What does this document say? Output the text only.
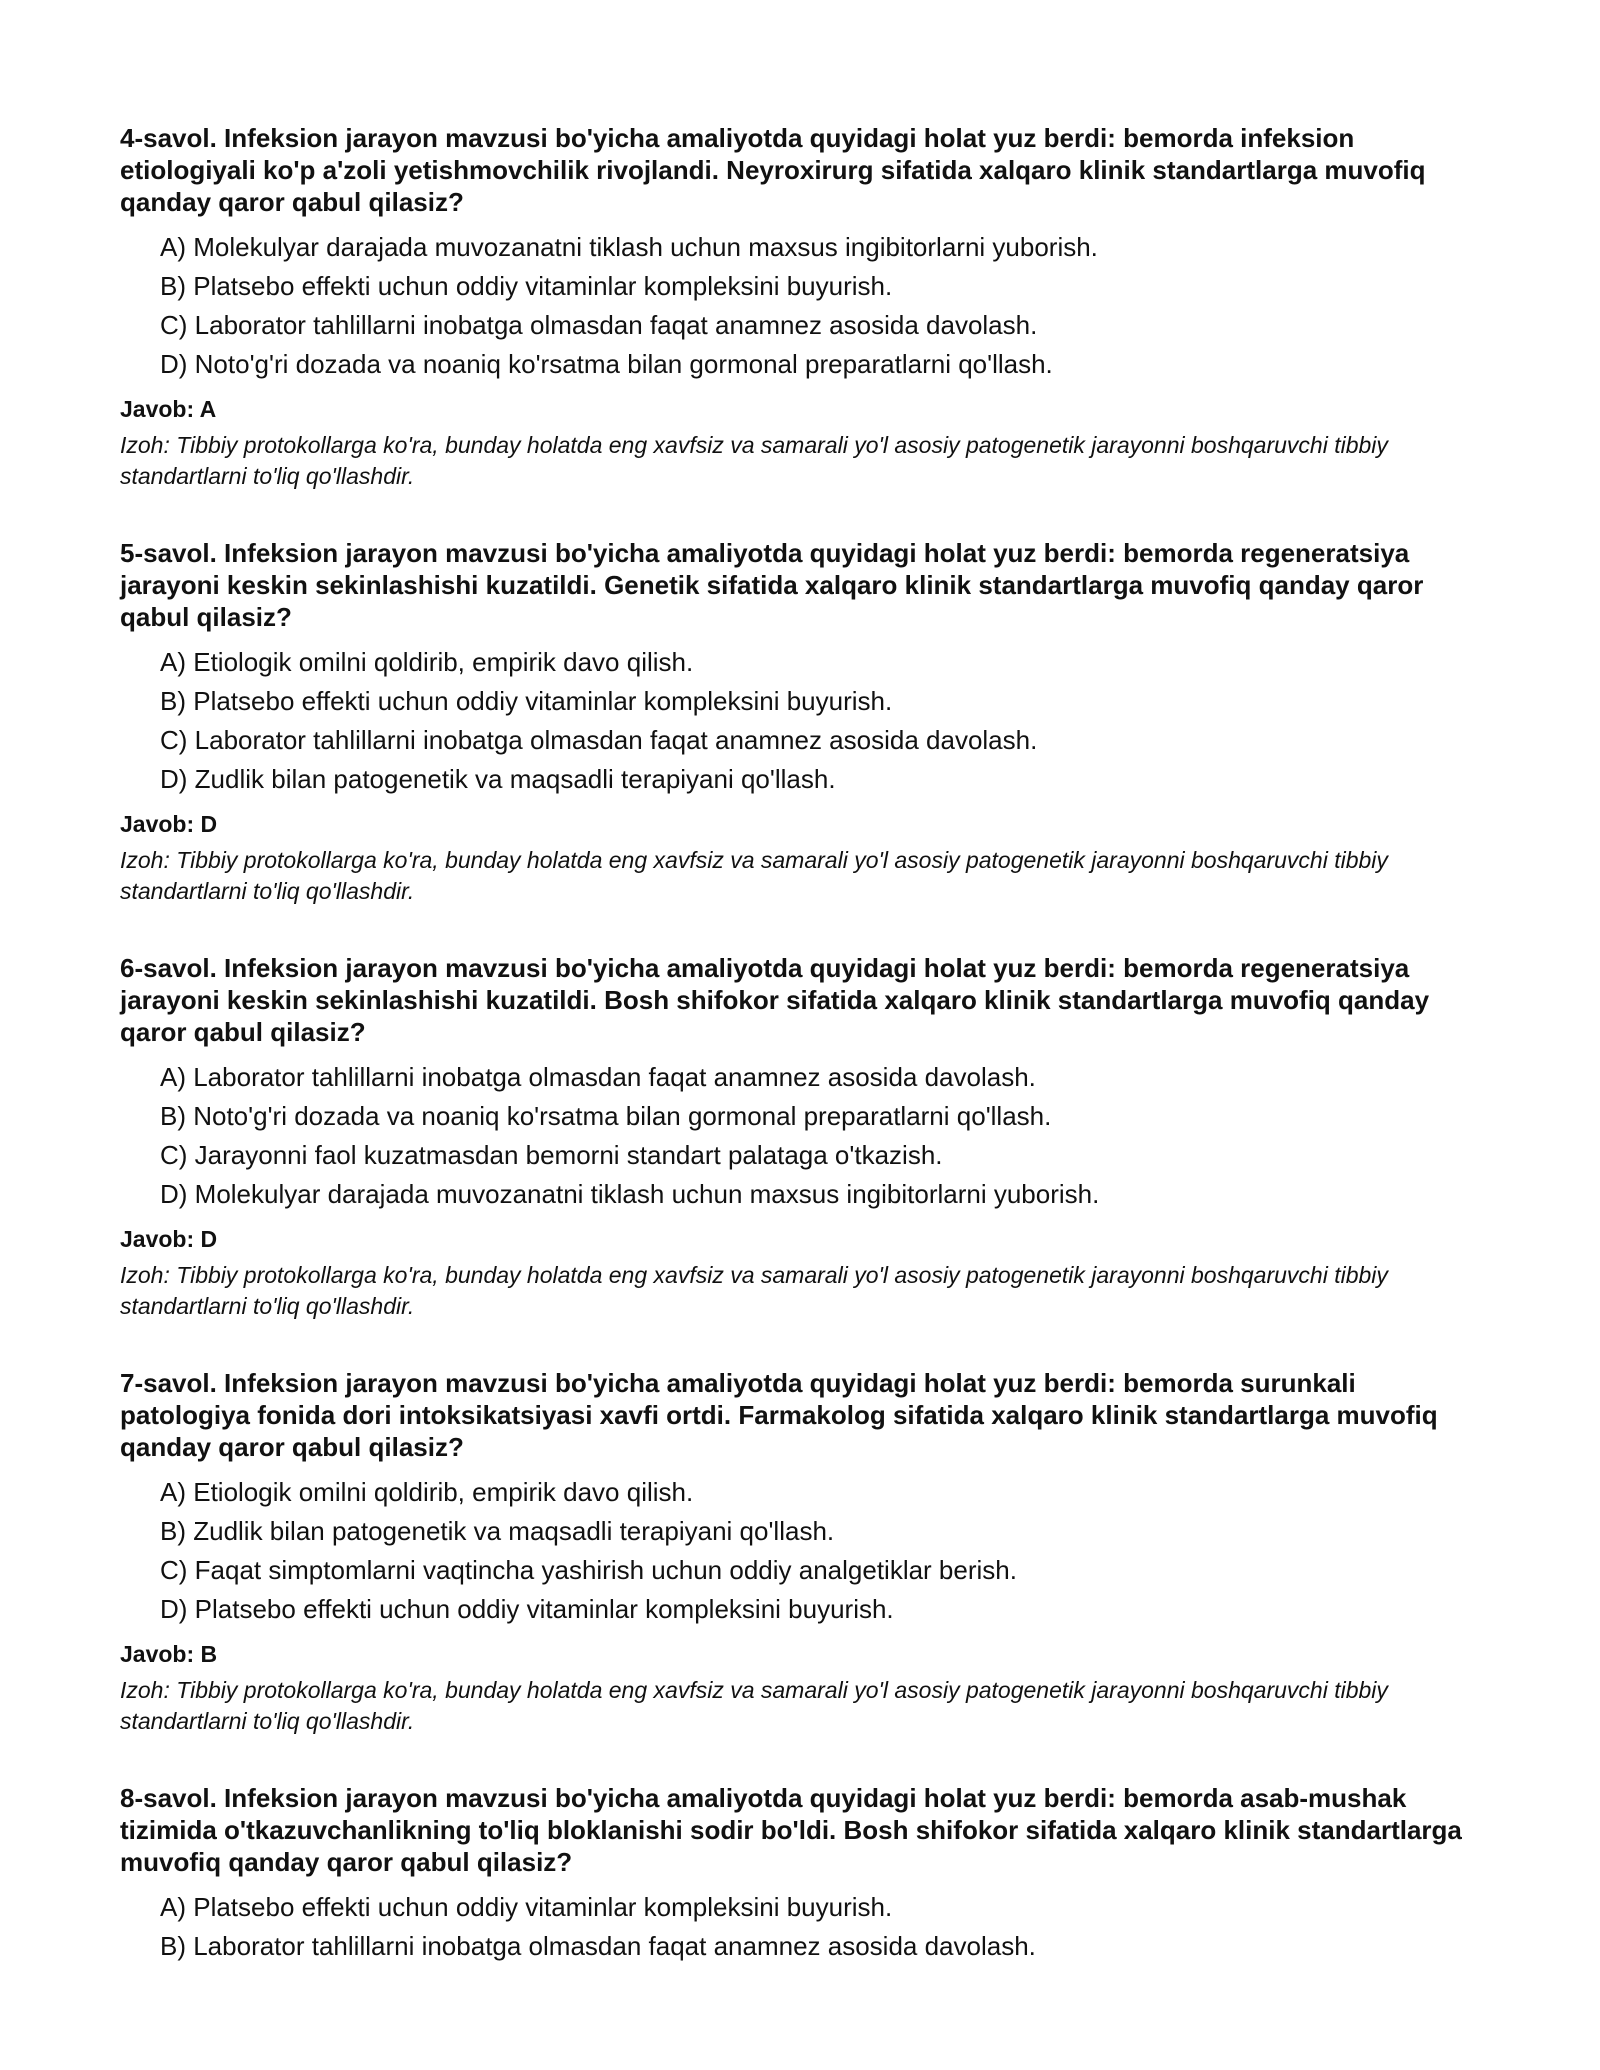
4-savol. Infeksion jarayon mavzusi bo'yicha amaliyotda quyidagi holat yuz berdi: bemorda infeksion etiologiyali ko'p a'zoli yetishmovchilik rivojlandi. Neyroxirurg sifatida xalqaro klinik standartlarga muvofiq qanday qaror qabul qilasiz?
A) Molekulyar darajada muvozanatni tiklash uchun maxsus ingibitorlarni yuborish.
B) Platsebo effekti uchun oddiy vitaminlar kompleksini buyurish.
C) Laborator tahlillarni inobatga olmasdan faqat anamnez asosida davolash.
D) Noto'g'ri dozada va noaniq ko'rsatma bilan gormonal preparatlarni qo'llash.
Javob: A
Izoh: Tibbiy protokollarga ko'ra, bunday holatda eng xavfsiz va samarali yo'l asosiy patogenetik jarayonni boshqaruvchi tibbiy standartlarni to'liq qo'llashdir.
5-savol. Infeksion jarayon mavzusi bo'yicha amaliyotda quyidagi holat yuz berdi: bemorda regeneratsiya jarayoni keskin sekinlashishi kuzatildi. Genetik sifatida xalqaro klinik standartlarga muvofiq qanday qaror qabul qilasiz?
A) Etiologik omilni qoldirib, empirik davo qilish.
B) Platsebo effekti uchun oddiy vitaminlar kompleksini buyurish.
C) Laborator tahlillarni inobatga olmasdan faqat anamnez asosida davolash.
D) Zudlik bilan patogenetik va maqsadli terapiyani qo'llash.
Javob: D
Izoh: Tibbiy protokollarga ko'ra, bunday holatda eng xavfsiz va samarali yo'l asosiy patogenetik jarayonni boshqaruvchi tibbiy standartlarni to'liq qo'llashdir.
6-savol. Infeksion jarayon mavzusi bo'yicha amaliyotda quyidagi holat yuz berdi: bemorda regeneratsiya jarayoni keskin sekinlashishi kuzatildi. Bosh shifokor sifatida xalqaro klinik standartlarga muvofiq qanday qaror qabul qilasiz?
A) Laborator tahlillarni inobatga olmasdan faqat anamnez asosida davolash.
B) Noto'g'ri dozada va noaniq ko'rsatma bilan gormonal preparatlarni qo'llash.
C) Jarayonni faol kuzatmasdan bemorni standart palataga o'tkazish.
D) Molekulyar darajada muvozanatni tiklash uchun maxsus ingibitorlarni yuborish.
Javob: D
Izoh: Tibbiy protokollarga ko'ra, bunday holatda eng xavfsiz va samarali yo'l asosiy patogenetik jarayonni boshqaruvchi tibbiy standartlarni to'liq qo'llashdir.
7-savol. Infeksion jarayon mavzusi bo'yicha amaliyotda quyidagi holat yuz berdi: bemorda surunkali patologiya fonida dori intoksikatsiyasi xavfi ortdi. Farmakolog sifatida xalqaro klinik standartlarga muvofiq qanday qaror qabul qilasiz?
A) Etiologik omilni qoldirib, empirik davo qilish.
B) Zudlik bilan patogenetik va maqsadli terapiyani qo'llash.
C) Faqat simptomlarni vaqtincha yashirish uchun oddiy analgetiklar berish.
D) Platsebo effekti uchun oddiy vitaminlar kompleksini buyurish.
Javob: B
Izoh: Tibbiy protokollarga ko'ra, bunday holatda eng xavfsiz va samarali yo'l asosiy patogenetik jarayonni boshqaruvchi tibbiy standartlarni to'liq qo'llashdir.
8-savol. Infeksion jarayon mavzusi bo'yicha amaliyotda quyidagi holat yuz berdi: bemorda asab-mushak tizimida o'tkazuvchanlikning to'liq bloklanishi sodir bo'ldi. Bosh shifokor sifatida xalqaro klinik standartlarga muvofiq qanday qaror qabul qilasiz?
A) Platsebo effekti uchun oddiy vitaminlar kompleksini buyurish.
B) Laborator tahlillarni inobatga olmasdan faqat anamnez asosida davolash.
